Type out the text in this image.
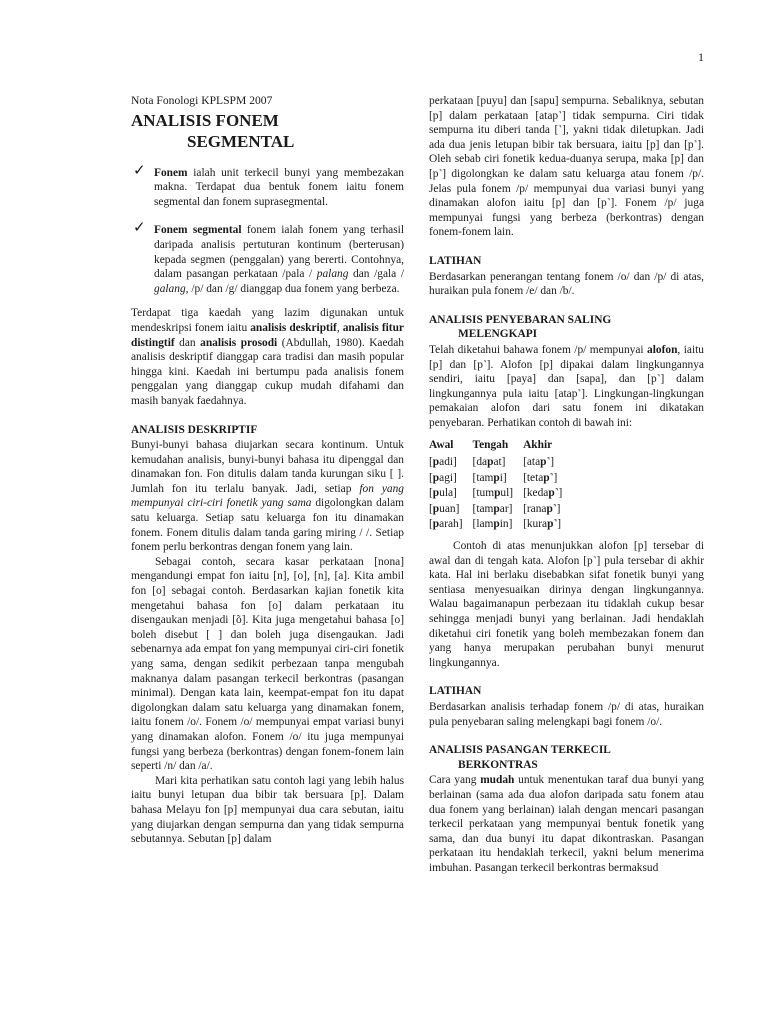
1
Nota Fonologi KPLSPM 2007
ANALISIS FONEM
SEGMENTAL
✓ Fonem ialah unit terkecil bunyi yang membezakan makna. Terdapat dua bentuk fonem iaitu fonem segmental dan fonem suprasegmental.
✓ Fonem segmental fonem ialah fonem yang terhasil daripada analisis pertuturan kontinum (berterusan) kepada segmen (penggalan) yang bererti. Contohnya, dalam pasangan perkataan /pala / palang dan /gala / galang, /p/ dan /g/ dianggap dua fonem yang berbeza.
Terdapat tiga kaedah yang lazim digunakan untuk mendeskripsi fonem iaitu analisis deskriptif, analisis fitur distingtif dan analisis prosodi (Abdullah, 1980). Kaedah analisis deskriptif dianggap cara tradisi dan masih popular hingga kini. Kaedah ini bertumpu pada analisis fonem penggalan yang dianggap cukup mudah difahami dan masih banyak faedahnya.
ANALISIS DESKRIPTIF
Bunyi-bunyi bahasa diujarkan secara kontinum. Untuk kemudahan analisis, bunyi-bunyi bahasa itu dipenggal dan dinamakan fon. Fon ditulis dalam tanda kurungan siku [ ]. Jumlah fon itu terlalu banyak. Jadi, setiap fon yang mempunyai ciri-ciri fonetik yang sama digolongkan dalam satu keluarga. Setiap satu keluarga fon itu dinamakan fonem. Fonem ditulis dalam tanda garing miring / /. Setiap fonem perlu berkontras dengan fonem yang lain.
Sebagai contoh, secara kasar perkataan [nona] mengandungi empat fon iaitu [n], [o], [n], [a]. Kita ambil fon [o] sebagai contoh. Berdasarkan kajian fonetik kita mengetahui bahasa fon [o] dalam perkataan itu disengaukan menjadi [õ]. Kita juga mengetahui bahasa [o] boleh disebut [ ] dan boleh juga disengaukan. Jadi sebenarnya ada empat fon yang mempunyai ciri-ciri fonetik yang sama, dengan sedikit perbezaan tanpa mengubah maknanya dalam pasangan terkecil berkontras (pasangan minimal). Dengan kata lain, keempat-empat fon itu dapat digolongkan dalam satu keluarga yang dinamakan fonem, iaitu fonem /o/. Fonem /o/ mempunyai empat variasi bunyi yang dinamakan alofon. Fonem /o/ itu juga mempunyai fungsi yang berbeza (berkontras) dengan fonem-fonem lain seperti /n/ dan /a/.
Mari kita perhatikan satu contoh lagi yang lebih halus iaitu bunyi letupan dua bibir tak bersuara [p]. Dalam bahasa Melayu fon [p] mempunyai dua cara sebutan, iaitu yang diujarkan dengan sempurna dan yang tidak sempurna sebutannya. Sebutan [p] dalam
perkataan [puyu] dan [sapu] sempurna. Sebaliknya, sebutan [p] dalam perkataan [atap˺] tidak sempurna. Ciri tidak sempurna itu diberi tanda [˺], yakni tidak diletupkan. Jadi ada dua jenis letupan bibir tak bersuara, iaitu [p] dan [p˺]. Oleh sebab ciri fonetik kedua-duanya serupa, maka [p] dan [p˺] digolongkan ke dalam satu keluarga atau fonem /p/. Jelas pula fonem /p/ mempunyai dua variasi bunyi yang dinamakan alofon iaitu [p] dan [p˺]. Fonem /p/ juga mempunyai fungsi yang berbeza (berkontras) dengan fonem-fonem lain.
LATIHAN
Berdasarkan penerangan tentang fonem /o/ dan /p/ di atas, huraikan pula fonem /e/ dan /b/.
ANALISIS PENYEBARAN SALING
MELENGKAPI
Telah diketahui bahawa fonem /p/ mempunyai alofon, iaitu [p] dan [p˺]. Alofon [p] dipakai dalam lingkungannya sendiri, iaitu [paya] dan [sapa], dan [p˺] dalam lingkungannya pula iaitu [atap˺]. Lingkungan-lingkungan pemakaian alofon dari satu fonem ini dikatakan penyebaran. Perhatikan contoh di bawah ini:
Awal	Tengah	Akhir
[padi]	[dapat]	[atap˺]
[pagi]	[tampi]	[tetap˺]
[pula]	[tumpul]	[kedap˺]
[puan]	[tampar]	[ranap˺]
[parah]	[lampin]	[kurap˺]
Contoh di atas menunjukkan alofon [p] tersebar di awal dan di tengah kata. Alofon [p˺] pula tersebar di akhir kata. Hal ini berlaku disebabkan sifat fonetik bunyi yang sentiasa menyesuaikan dirinya dengan lingkungannya. Walau bagaimanapun perbezaan itu tidaklah cukup besar sehingga menjadi bunyi yang berlainan. Jadi hendaklah diketahui ciri fonetik yang boleh membezakan fonem dan yang hanya merupakan perubahan bunyi menurut lingkungannya.
LATIHAN
Berdasarkan analisis terhadap fonem /p/ di atas, huraikan pula penyebaran saling melengkapi bagi fonem /o/.
ANALISIS PASANGAN TERKECIL
BERKONTRAS
Cara yang mudah untuk menentukan taraf dua bunyi yang berlainan (sama ada dua alofon daripada satu fonem atau dua fonem yang berlainan) ialah dengan mencari pasangan terkecil perkataan yang mempunyai bentuk fonetik yang sama, dan dua bunyi itu dapat dikontraskan. Pasangan perkataan itu hendaklah terkecil, yakni belum menerima imbuhan. Pasangan terkecil berkontras bermaksud
